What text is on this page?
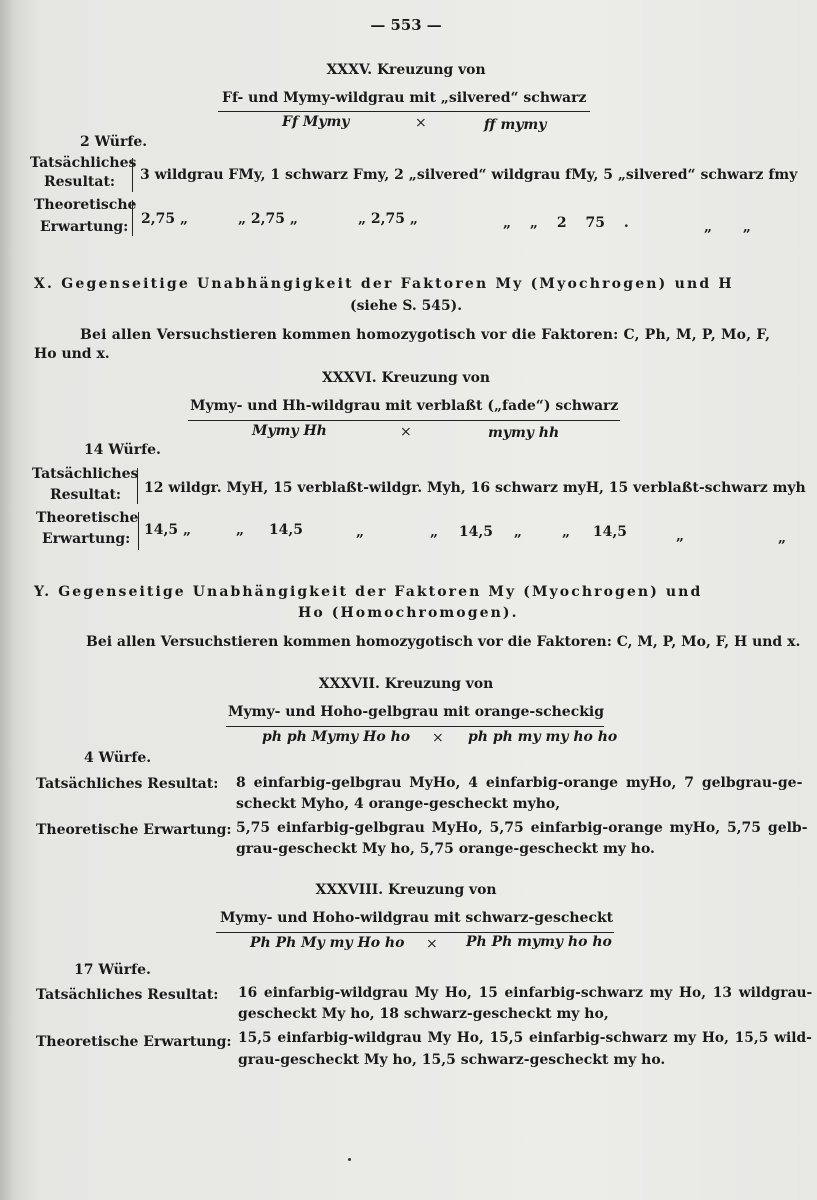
— 553 —
XXXV. Kreuzung von
Ff- und Mymy-wildgrau mit „silvered“ schwarz
Ff Mymy	×	ff mymy
2 Würfe.
Tatsächliches
Resultat: 3 wildgrau FMy, 1 schwarz Fmy, 2 „silvered“ wildgrau fMy, 5 „silvered“ schwarz fmy
Theoretische
Erwartung: 2,75 „	„ 2,75 „	„ 2,75 „	„ „ 2 75 .	„ „
X. Gegenseitige Unabhängigkeit der Faktoren My (Myochrogen) und H
(siehe S. 545).
Bei allen Versuchstieren kommen homozygotisch vor die Faktoren: C, Ph, M, P, Mo, F,
Ho und x.
XXXVI. Kreuzung von
Mymy- und Hh-wildgrau mit verblaßt („fade“) schwarz
Mymy Hh	×	mymy hh
14 Würfe.
Tatsächliches
Resultat: 12 wildgr. MyH, 15 verblaßt-wildgr. Myh, 16 schwarz myH, 15 verblaßt-schwarz myh
Theoretische
Erwartung:
14,5 „	„ 14,5	„	„ 14,5 „	„ 14,5	„	„
Y. Gegenseitige Unabhängigkeit der Faktoren My (Myochrogen) und
Ho (Homochromogen).
Bei allen Versuchstieren kommen homozygotisch vor die Faktoren: C, M, P, Mo, F, H und x.
XXXVII. Kreuzung von
Mymy- und Hoho-gelbgrau mit orange-scheckig
ph ph Mymy Ho ho × ph ph my my ho ho
4 Würfe.
Tatsächliches Resultat: 8 einfarbig-gelbgrau MyHo, 4 einfarbig-orange myHo, 7 gelbgrau-ge-
scheckt Myho, 4 orange-gescheckt myho,
Theoretische Erwartung: 5,75 einfarbig-gelbgrau MyHo, 5,75 einfarbig-orange myHo, 5,75 gelb-
grau-gescheckt My ho, 5,75 orange-gescheckt my ho.
XXXVIII. Kreuzung von
Mymy- und Hoho-wildgrau mit schwarz-gescheckt
Ph Ph My my Ho ho × Ph Ph mymy ho ho
17 Würfe.
Tatsächliches Resultat: 16 einfarbig-wildgrau My Ho, 15 einfarbig-schwarz my Ho, 13 wildgrau-
gescheckt My ho, 18 schwarz-gescheckt my ho,
Theoretische Erwartung: 15,5 einfarbig-wildgrau My Ho, 15,5 einfarbig-schwarz my Ho, 15,5 wild-
grau-gescheckt My ho, 15,5 schwarz-gescheckt my ho.
